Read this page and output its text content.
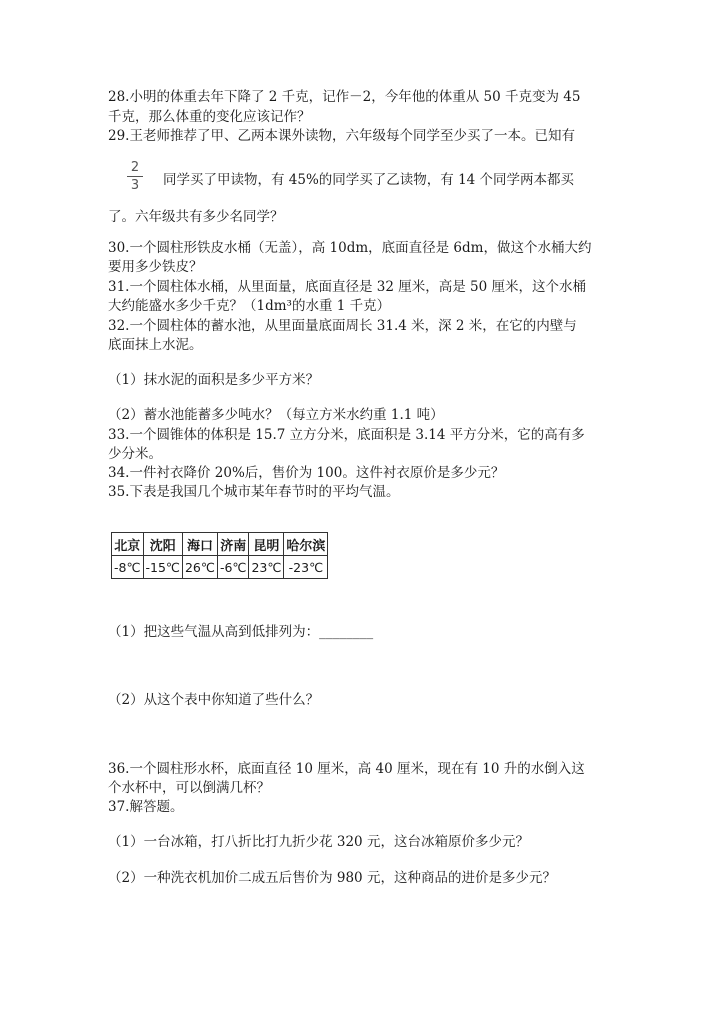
28.小明的体重去年下降了 2 千克，记作－2，今年他的体重从 50 千克变为 45
千克，那么体重的变化应该记作？
29.王老师推荐了甲、乙两本课外读物，六年级每个同学至少买了一本。已知有
2
3 同学买了甲读物，有 45%的同学买了乙读物，有 14 个同学两本都买
了。六年级共有多少名同学？
30.一个圆柱形铁皮水桶（无盖），高 10dm，底面直径是 6dm，做这个水桶大约
要用多少铁皮？
31.一个圆柱体水桶，从里面量，底面直径是 32 厘米，高是 50 厘米，这个水桶
大约能盛水多少千克？（1dm³的水重 1 千克）
32.一个圆柱体的蓄水池，从里面量底面周长 31.4 米，深 2 米，在它的内壁与
底面抹上水泥。
（1）抹水泥的面积是多少平方米？
（2）蓄水池能蓄多少吨水？（每立方米水约重 1.1 吨）
33.一个圆锥体的体积是 15.7 立方分米，底面积是 3.14 平方分米，它的高有多
少分米。
34.一件衬衣降价 20%后，售价为 100。这件衬衣原价是多少元？
35.下表是我国几个城市某年春节时的平均气温。
北京	沈阳	海口	济南	昆明	哈尔滨
-8℃	-15℃	26℃	-6℃	23℃	-23℃
（1）把这些气温从高到低排列为：________
（2）从这个表中你知道了些什么？
36.一个圆柱形水杯，底面直径 10 厘米，高 40 厘米，现在有 10 升的水倒入这
个水杯中，可以倒满几杯？
37.解答题。
（1）一台冰箱，打八折比打九折少花 320 元，这台冰箱原价多少元？
（2）一种洗衣机加价二成五后售价为 980 元，这种商品的进价是多少元？
